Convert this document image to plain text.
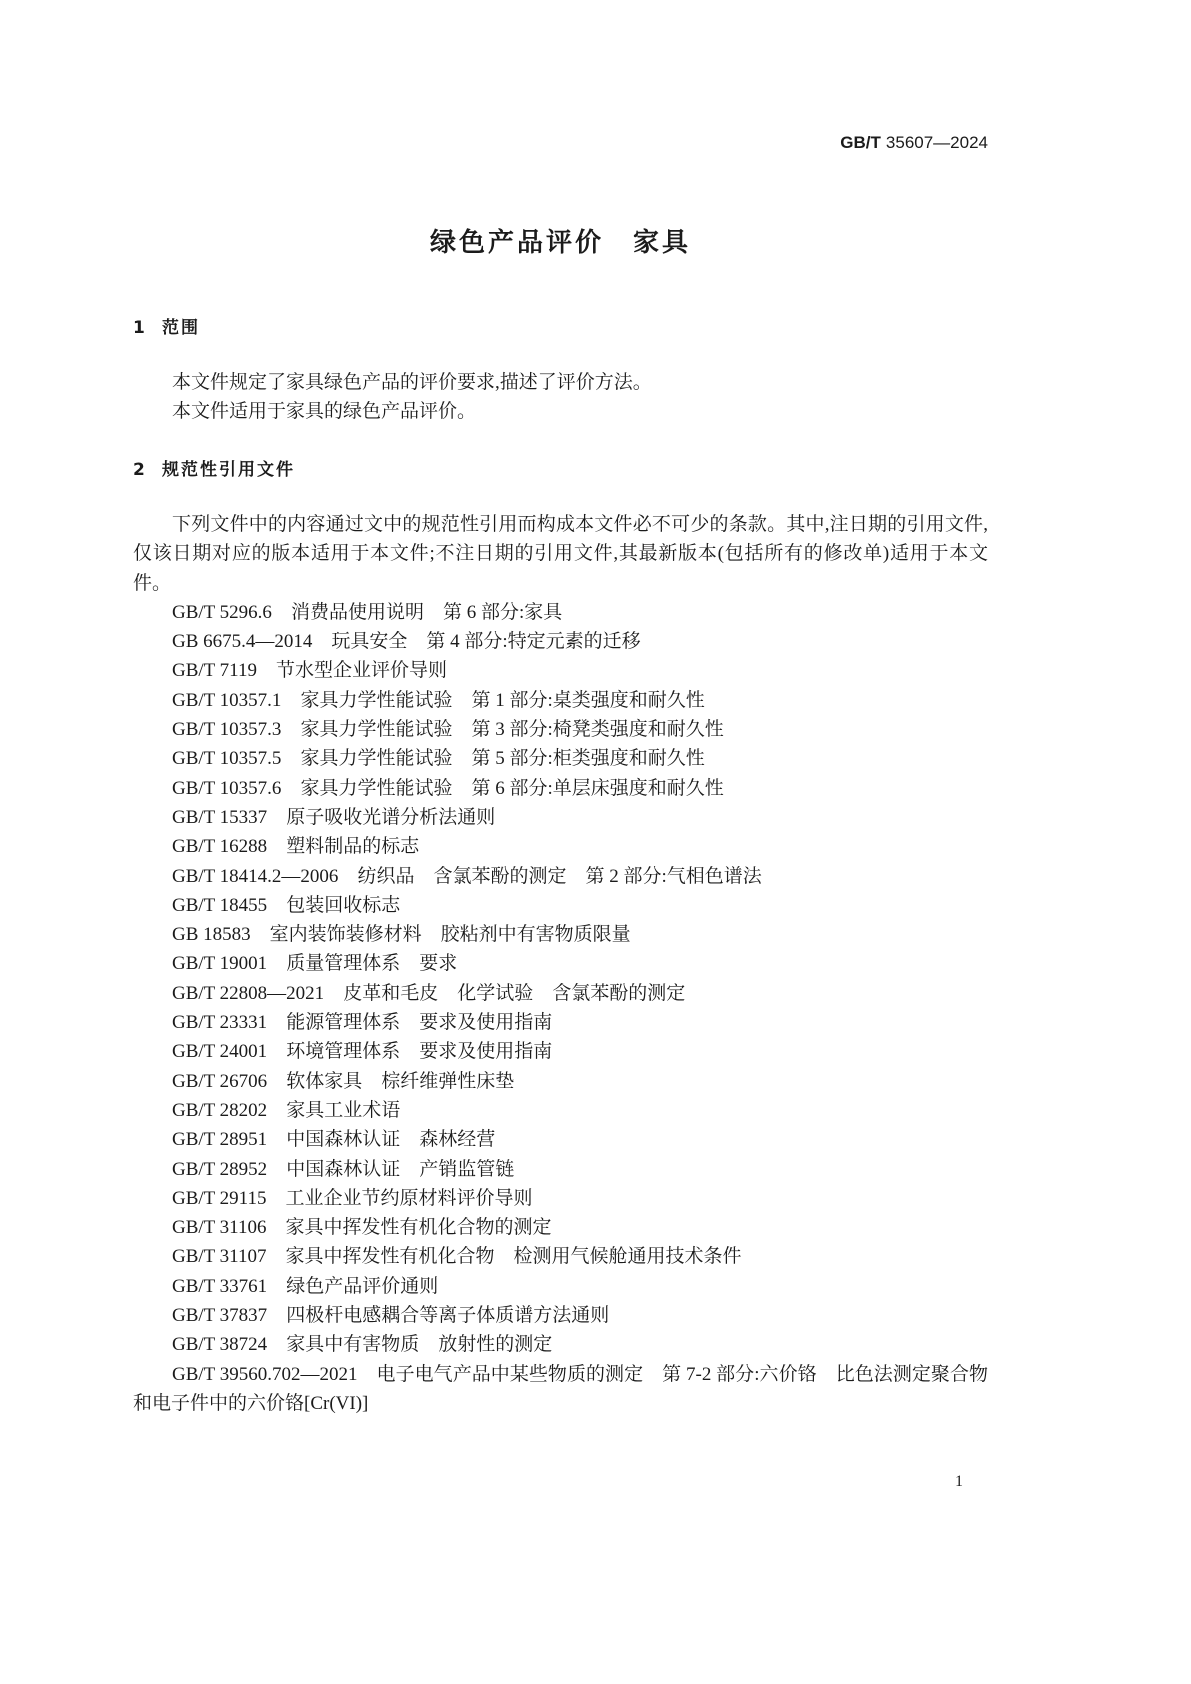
GB/T 35607—2024
绿色产品评价　家具
1 范围

本文件规定了家具绿色产品的评价要求,描述了评价方法。

本文件适用于家具的绿色产品评价。

2 规范性引用文件

下列文件中的内容通过文中的规范性引用而构成本文件必不可少的条款。其中,注日期的引用文件,仅该日期对应的版本适用于本文件;不注日期的引用文件,其最新版本(包括所有的修改单)适用于本文件。

GB/T 5296.6 消费品使用说明　第 6 部分:家具

GB 6675.4—2014 玩具安全　第 4 部分:特定元素的迁移

GB/T 7119 节水型企业评价导则

GB/T 10357.1 家具力学性能试验　第 1 部分:桌类强度和耐久性

GB/T 10357.3 家具力学性能试验　第 3 部分:椅凳类强度和耐久性

GB/T 10357.5 家具力学性能试验　第 5 部分:柜类强度和耐久性

GB/T 10357.6 家具力学性能试验　第 6 部分:单层床强度和耐久性

GB/T 15337 原子吸收光谱分析法通则

GB/T 16288 塑料制品的标志

GB/T 18414.2—2006 纺织品　含氯苯酚的测定　第 2 部分:气相色谱法

GB/T 18455 包装回收标志

GB 18583 室内装饰装修材料　胶粘剂中有害物质限量

GB/T 19001 质量管理体系　要求

GB/T 22808—2021 皮革和毛皮　化学试验　含氯苯酚的测定

GB/T 23331 能源管理体系　要求及使用指南

GB/T 24001 环境管理体系　要求及使用指南

GB/T 26706 软体家具　棕纤维弹性床垫

GB/T 28202 家具工业术语

GB/T 28951 中国森林认证　森林经营

GB/T 28952 中国森林认证　产销监管链

GB/T 29115 工业企业节约原材料评价导则

GB/T 31106 家具中挥发性有机化合物的测定

GB/T 31107 家具中挥发性有机化合物　检测用气候舱通用技术条件

GB/T 33761 绿色产品评价通则

GB/T 37837 四极杆电感耦合等离子体质谱方法通则

GB/T 38724 家具中有害物质　放射性的测定

GB/T 39560.702—2021 电子电气产品中某些物质的测定　第 7-2 部分:六价铬　比色法测定聚合物和电子件中的六价铬[Cr(VI)]

1
